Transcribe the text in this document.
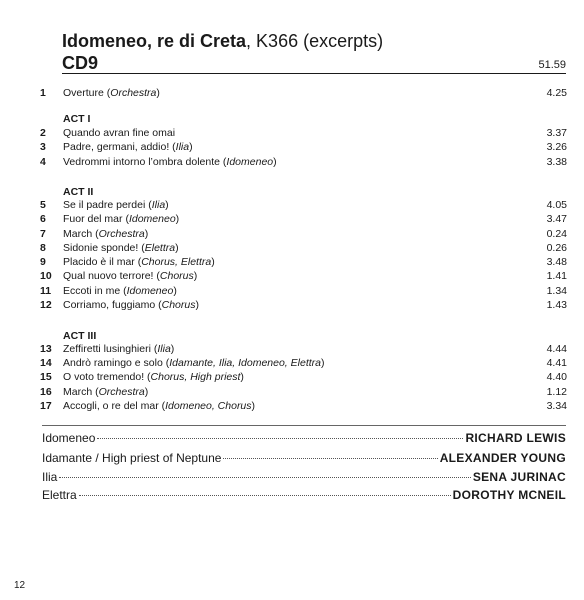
Idomeneo, re di Creta, K366 (excerpts)
CD9	51.59
1 Overture (Orchestra)	4.25
2 Quando avran fine omai	3.37
3 Padre, germani, addio! (Ilia)	3.26
4 Vedrommi intorno l’ombra dolente (Idomeneo)	3.38
5 Se il padre perdei (Ilia)	4.05
6 Fuor del mar (Idomeneo)	3.47
7 March (Orchestra)	0.24
8 Sidonie sponde! (Elettra)	0.26
9 Placido è il mar (Chorus, Elettra)	3.48
10 Qual nuovo terrore! (Chorus)	1.41
11 Eccoti in me (Idomeneo)	1.34
12 Corriamo, fuggiamo (Chorus)	1.43
13 Zeffiretti lusinghieri (Ilia)	4.44
14 Andrò ramingo e solo (Idamante, Ilia, Idomeneo, Elettra)	4.41
15 O voto tremendo! (Chorus, High priest)	4.40
16 March (Orchestra)	1.12
17 Accogli, o re del mar (Idomeneo, Chorus)	3.34
ACT I
ACT II
ACT III
Idomeneo	RICHARD LEWIS
Idamante / High priest of Neptune	ALEXANDER YOUNG
Ilia	SENA JURINAC
Elettra	DOROTHY MCNEIL
12
